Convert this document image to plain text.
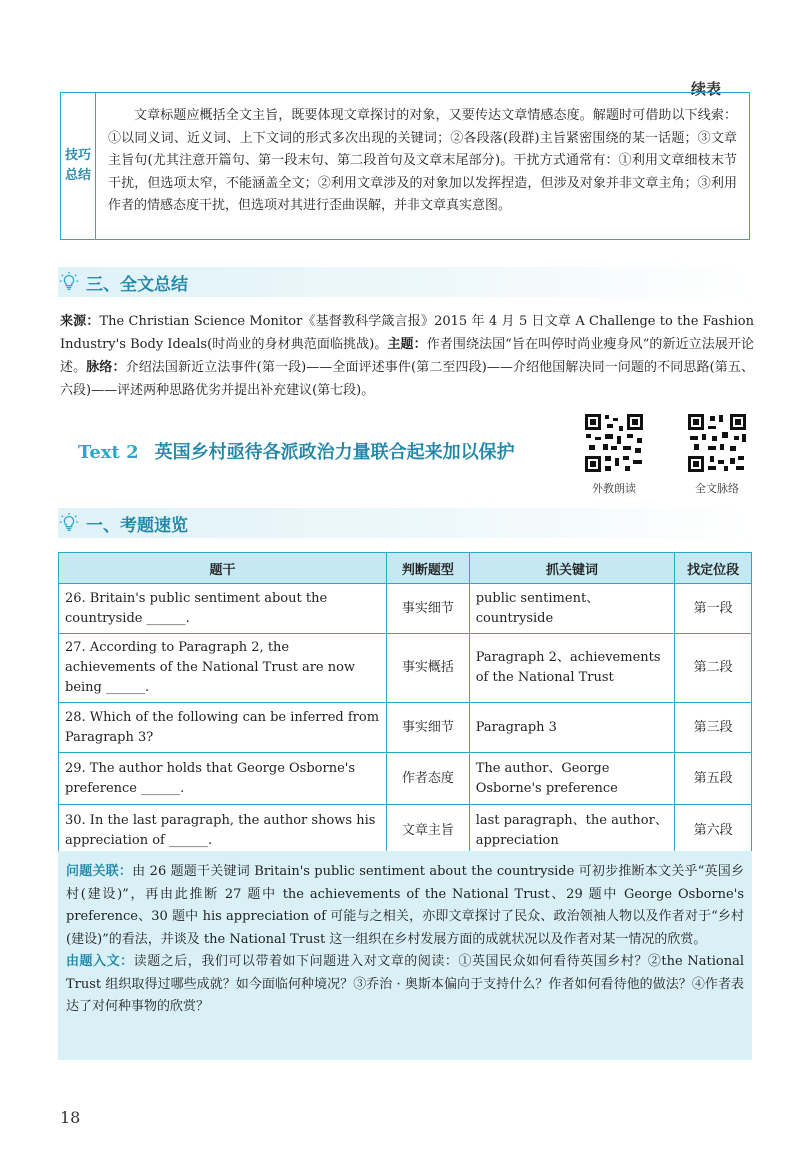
续表
技巧
总结
文章标题应概括全文主旨，既要体现文章探讨的对象，又要传达文章情感态度。解题时可借助以下线索：①以同义词、近义词、上下文词的形式多次出现的关键词；②各段落(段群)主旨紧密围绕的某一话题；③文章主旨句(尤其注意开篇句、第一段末句、第二段首句及文章末尾部分)。干扰方式通常有：①利用文章细枝末节干扰，但选项太窄，不能涵盖全文；②利用文章涉及的对象加以发挥捏造，但涉及对象并非文章主角；③利用作者的情感态度干扰，但选项对其进行歪曲误解，并非文章真实意图。
三、全文总结
来源：The Christian Science Monitor《基督教科学箴言报》2015 年 4 月 5 日文章 A Challenge to the Fashion Industry's Body Ideals(时尚业的身材典范面临挑战)。主题：作者围绕法国“旨在叫停时尚业瘦身风”的新近立法展开论述。脉络：介绍法国新近立法事件(第一段)——全面评述事件(第二至四段)——介绍他国解决同一问题的不同思路(第五、六段)——评述两种思路优劣并提出补充建议(第七段)。
Text 2 英国乡村亟待各派政治力量联合起来加以保护
外教朗读	全文脉络
一、考题速览
题干	判断题型	抓关键词	找定位段
26. Britain's public sentiment about the countryside ______.	事实细节	public sentiment、countryside	第一段
27. According to Paragraph 2, the achievements of the National Trust are now being ______.	事实概括	Paragraph 2、achievements of the National Trust	第二段
28. Which of the following can be inferred from Paragraph 3?	事实细节	Paragraph 3	第三段
29. The author holds that George Osborne's preference ______.	作者态度	The author、George Osborne's preference	第五段
30. In the last paragraph, the author shows his appreciation of ______.	文章主旨	last paragraph、the author、appreciation	第六段
问题关联：由 26 题题干关键词 Britain's public sentiment about the countryside 可初步推断本文关乎“英国乡村(建设)”，再由此推断 27 题中 the achievements of the National Trust、29 题中 George Osborne's preference、30 题中 his appreciation of 可能与之相关，亦即文章探讨了民众、政治领袖人物以及作者对于“乡村(建设)”的看法，并谈及 the National Trust 这一组织在乡村发展方面的成就状况以及作者对某一情况的欣赏。
由题入文：读题之后，我们可以带着如下问题进入对文章的阅读：①英国民众如何看待英国乡村？②the National Trust 组织取得过哪些成就？如今面临何种境况？③乔治 · 奥斯本偏向于支持什么？作者如何看待他的做法？④作者表达了对何种事物的欣赏？
18
